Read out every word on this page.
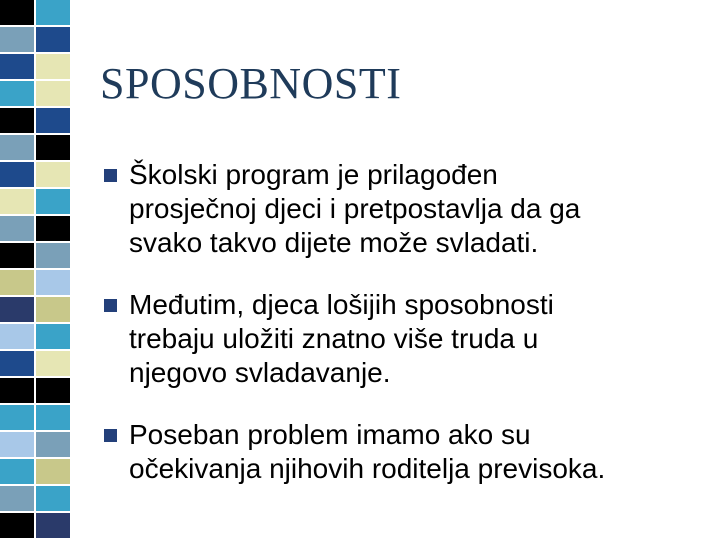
SPOSOBNOSTI
Školski program je prilagođen
prosječnoj djeci i pretpostavlja da ga
svako takvo dijete može svladati.
Međutim, djeca lošijih sposobnosti
trebaju uložiti znatno više truda u
njegovo svladavanje.
Poseban problem imamo ako su
očekivanja njihovih roditelja previsoka.
